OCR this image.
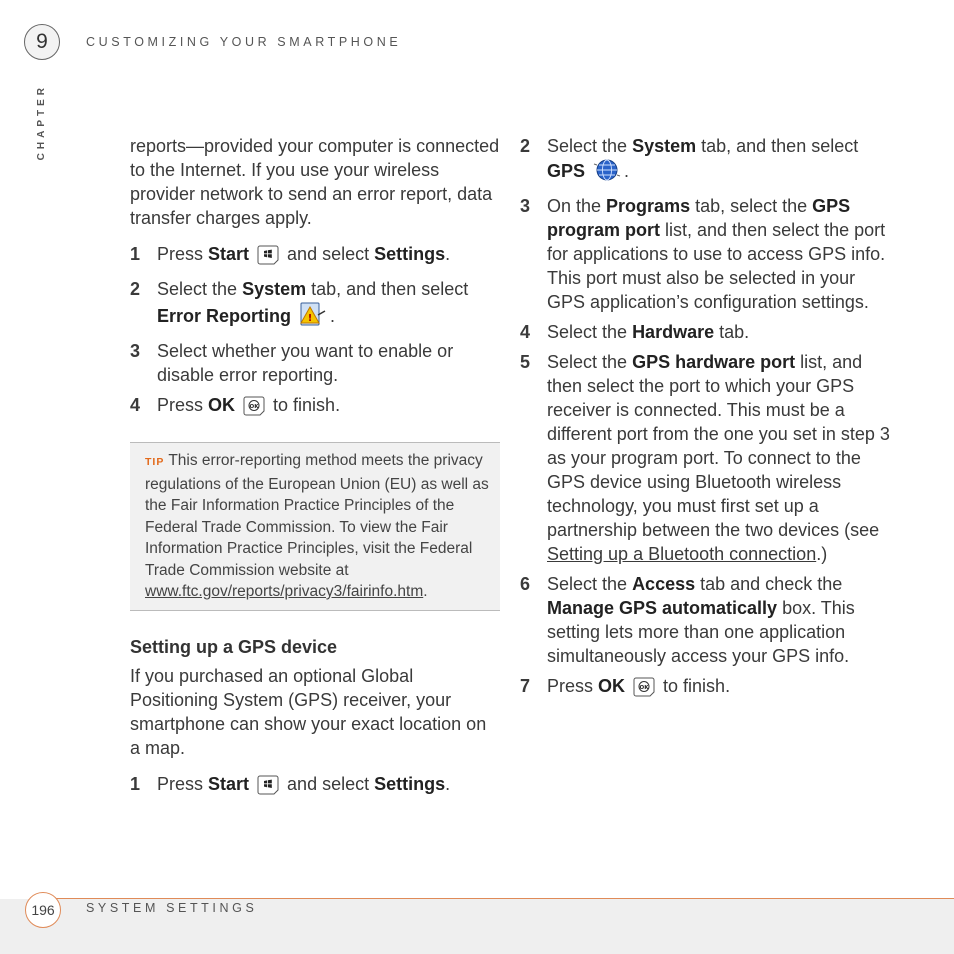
9	CUSTOMIZING YOUR SMARTPHONE
CHAPTER	reports—provided your computer is connected to the Internet. If you use your wireless provider network to send an error report, data transfer charges apply.

1 Press Start  and select Settings.
2 Select the System tab, and then select Error Reporting ! .
3 Select whether you want to enable or disable error reporting.
4 Press OK	OK to finish.
TIP This error-reporting method meets the privacy regulations of the European Union (EU) as well as the Fair Information Practice Principles of the Federal Trade Commission. To view the Fair Information Practice Principles, visit the Federal Trade Commission website at www.ftc.gov/reports/privacy3/fairinfo.htm.
Setting up a GPS device

If you purchased an optional Global Positioning System (GPS) receiver, your smartphone can show your exact location on a map.

1 Press Start  and select Settings.
2 Select the System tab, and then select GPS .
3 On the Programs tab, select the GPS program port list, and then select the port for applications to use to access GPS info. This port must also be selected in your GPS application’s configuration settings.
4 Select the Hardware tab.
5 Select the GPS hardware port list, and then select the port to which your GPS receiver is connected. This must be a different port from the one you set in step 3 as your program port. To connect to the GPS device using Bluetooth wireless technology, you must first set up a partnership between the two devices (see Setting up a Bluetooth connection.)
6 Select the Access tab and check the Manage GPS automatically box. This setting lets more than one application simultaneously access your GPS info.
7 Press OK	OK to finish.
196	SYSTEM SETTINGS
